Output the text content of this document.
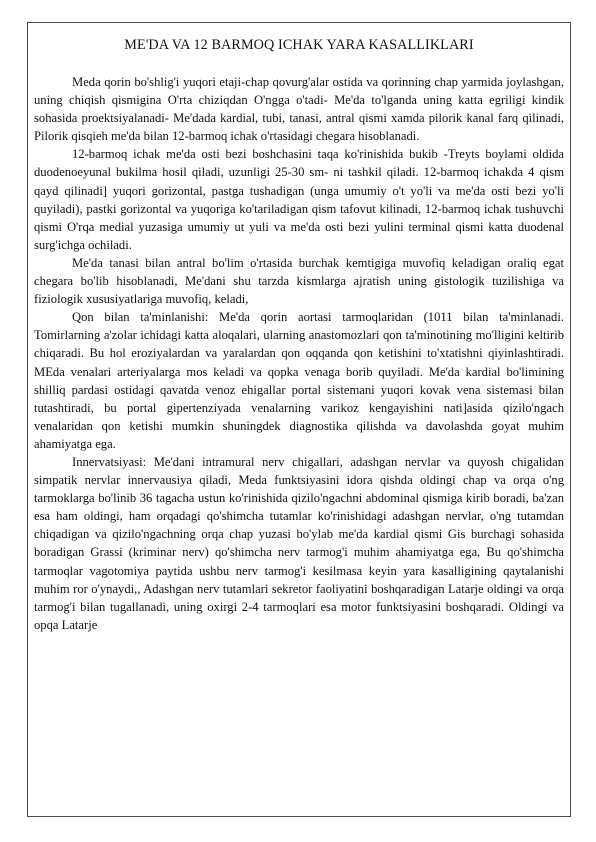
ME'DA VA 12 BARMOQ ICHAK YARA KASALLIKLARI

Meda qorin bo'shlig'i yuqori etaji-chap qovurg'alar ostida va qorinning chap yarmida joylashgan, uning chiqish qismigina O'rta chiziqdan O'ngga o'tadi- Me'da to'lganda uning katta egriligi kindik sohasida proektsiyalanadi- Me'dada kardial, tubi, tanasi, antral qismi xamda pilorik kanal farq qilinadi, Pilorik qisqieh me'da bilan 12-barmoq ichak o'rtasidagi chegara hisoblanadi.

12-barmoq ichak me'da osti bezi boshchasini taqa ko'rinishida bukib -Treyts boylami oldida duodenoeyunal bukilma hosil qiladi, uzunligi 25-30 sm- ni tashkil qiladi. 12-barmoq ichakda 4 qism qayd qilinadi] yuqori gorizontal, pastga tushadigan (unga umumiy o't yo'li va me'da osti bezi yo'li quyiladi), pastki gorizontal va yuqoriga ko'tariladigan qism tafovut kilinadi, 12-barmoq ichak tushuvchi qismi O'rqa medial yuzasiga umumiy ut yuli va me'da osti bezi yulini terminal qismi katta duodenal surg'ichga ochiladi.

Me'da tanasi bilan antral bo'lim o'rtasida burchak kemtigiga muvofiq keladigan oraliq egat chegara bo'lib hisoblanadi, Me'dani shu tarzda kismlarga ajratish uning gistologik tuzilishiga va fiziologik xususiyatlariga muvofiq, keladi,

Qon bilan ta'minlanishi: Me'da qorin aortasi tarmoqlaridan (1011 bilan ta'minlanadi. Tomirlarning a'zolar ichidagi katta aloqalari, ularning anastomozlari qon ta'minotining mo'lligini keltirib chiqaradi. Bu hol eroziyalardan va yaralardan qon oqqanda qon ketishini to'xtatishni qiyinlashtiradi. MEda venalari arteriyalarga mos keladi va qopka venaga borib quyiladi. Me'da kardial bo'limining shilliq pardasi ostidagi qavatda venoz ehigallar portal sistemani yuqori kovak vena sistemasi bilan tutashtiradi, bu portal gipertenziyada venalarning varikoz kengayishini nati]asida qizilo'ngach venalaridan qon ketishi mumkin shuningdek diagnostika qilishda va davolashda goyat muhim ahamiyatga ega.

Innervatsiyasi: Me'dani intramural nerv chigallari, adashgan nervlar va quyosh chigalidan simpatik nervlar innervausiya qiladi, Meda funktsiyasini idora qishda oldingi chap va orqa o'ng tarmoklarga bo'linib 36 tagacha ustun ko'rinishida qizilo'ngachni abdominal qismiga kirib boradi, ba'zan esa ham oldingi, ham orqadagi qo'shimcha tutamlar ko'rinishidagi adashgan nervlar, o'ng tutamdan chiqadigan va qizilo'ngachning orqa chap yuzasi bo'ylab me'da kardial qismi Gis burchagi sohasida boradigan Grassi (kriminar nerv) qo'shimcha nerv tarmog'i muhim ahamiyatga ega, Bu qo'shimcha tarmoqlar vagotomiya paytida ushbu nerv tarmog'i kesilmasa keyin yara kasalligining qaytalanishi muhim ror o'ynaydi,, Adashgan nerv tutamlari sekretor faoliyatini boshqaradigan Latarje oldingi va orqa tarmog'i bilan tugallanadi, uning oxirgi 2-4 tarmoqlari esa motor funktsiyasini boshqaradi. Oldingi va opqa Latarje
